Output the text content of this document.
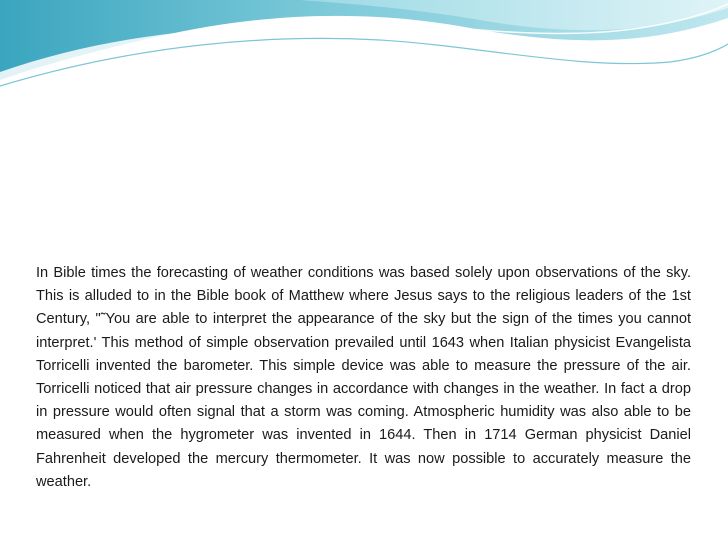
In Bible times the forecasting of weather conditions was based solely upon observations of the sky. This is alluded to in the Bible book of Matthew where Jesus says to the religious leaders of the 1st Century, "˜You are able to interpret the appearance of the sky but the sign of the times you cannot interpret.' This method of simple observation prevailed until 1643 when Italian physicist Evangelista Torricelli invented the barometer. This simple device was able to measure the pressure of the air. Torricelli noticed that air pressure changes in accordance with changes in the weather. In fact a drop in pressure would often signal that a storm was coming. Atmospheric humidity was also able to be measured when the hygrometer was invented in 1644. Then in 1714 German physicist Daniel Fahrenheit developed the mercury thermometer. It was now possible to accurately measure the weather.
